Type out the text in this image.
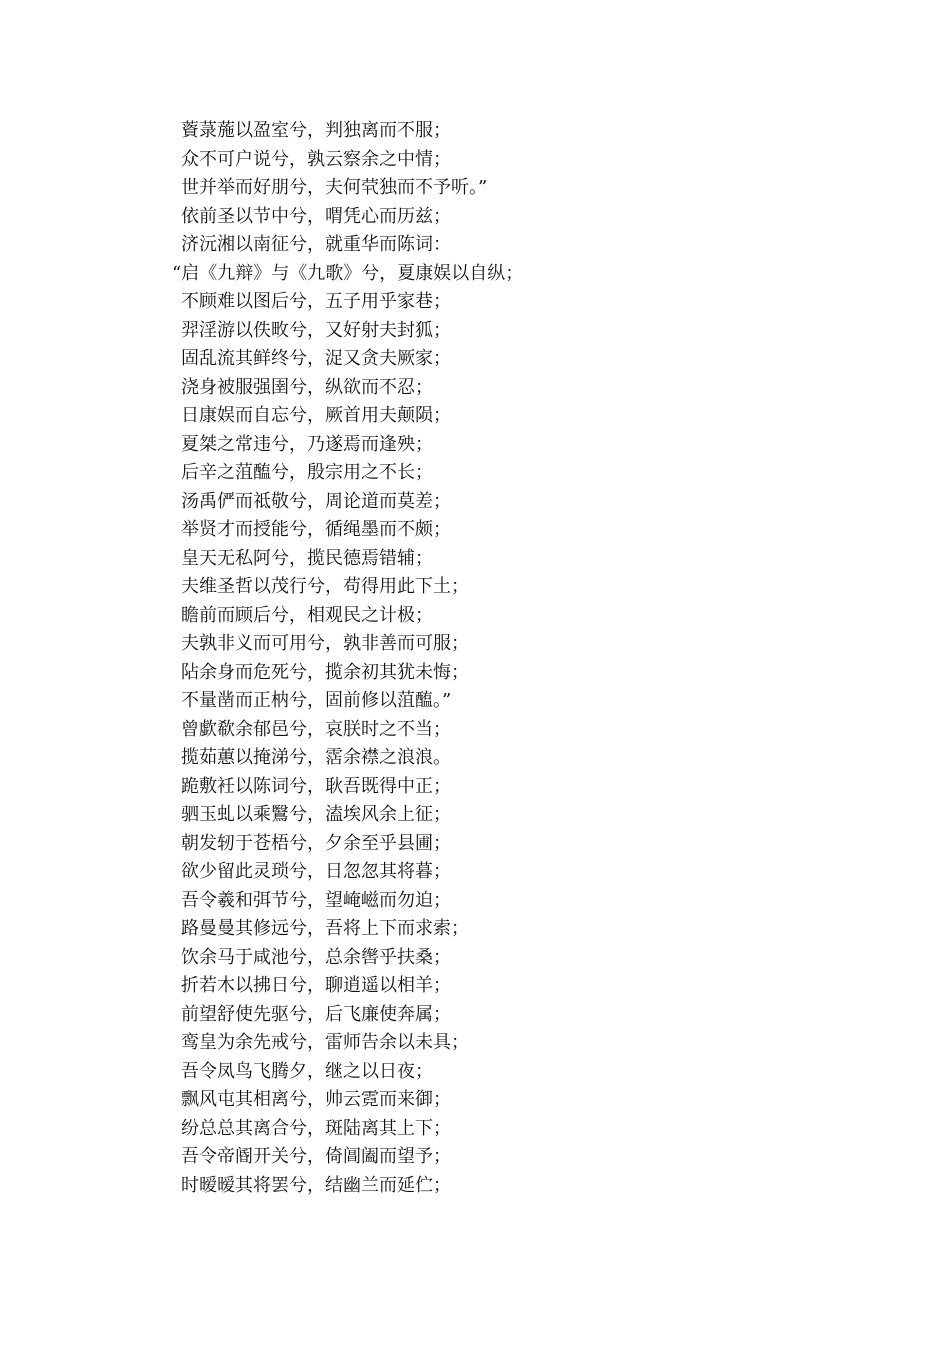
薋菉葹以盈室兮，判独离而不服；
众不可户说兮，孰云察余之中情；
世并举而好朋兮，夫何茕独而不予听。”
依前圣以节中兮，喟凭心而历兹；
济沅湘以南征兮，就重华而陈词：
“启《九辩》与《九歌》兮，夏康娱以自纵；
不顾难以图后兮，五子用乎家巷；
羿淫游以佚畋兮，又好射夫封狐；
固乱流其鲜终兮，浞又贪夫厥家；
浇身被服强圉兮，纵欲而不忍；
日康娱而自忘兮，厥首用夫颠陨；
夏桀之常违兮，乃遂焉而逢殃；
后辛之菹醢兮，殷宗用之不长；
汤禹俨而祗敬兮，周论道而莫差；
举贤才而授能兮，循绳墨而不颇；
皇天无私阿兮，揽民德焉错辅；
夫维圣哲以茂行兮，苟得用此下土；
瞻前而顾后兮，相观民之计极；
夫孰非义而可用兮，孰非善而可服；
阽余身而危死兮，揽余初其犹未悔；
不量凿而正枘兮，固前修以菹醢。”
曾歔欷余郁邑兮，哀朕时之不当；
揽茹蕙以掩涕兮，霑余襟之浪浪。
跪敷衽以陈词兮，耿吾既得中正；
驷玉虬以乘鷖兮，溘埃风余上征；
朝发轫于苍梧兮，夕余至乎县圃；
欲少留此灵琐兮，日忽忽其将暮；
吾令羲和弭节兮，望崦嵫而勿迫；
路曼曼其修远兮，吾将上下而求索；
饮余马于咸池兮，总余辔乎扶桑；
折若木以拂日兮，聊逍遥以相羊；
前望舒使先驱兮，后飞廉使奔属；
鸾皇为余先戒兮，雷师告余以未具；
吾令凤鸟飞腾夕，继之以日夜；
飘风屯其相离兮，帅云霓而来御；
纷总总其离合兮，斑陆离其上下；
吾令帝阍开关兮，倚阊阖而望予；
时暧暧其将罢兮，结幽兰而延伫；
